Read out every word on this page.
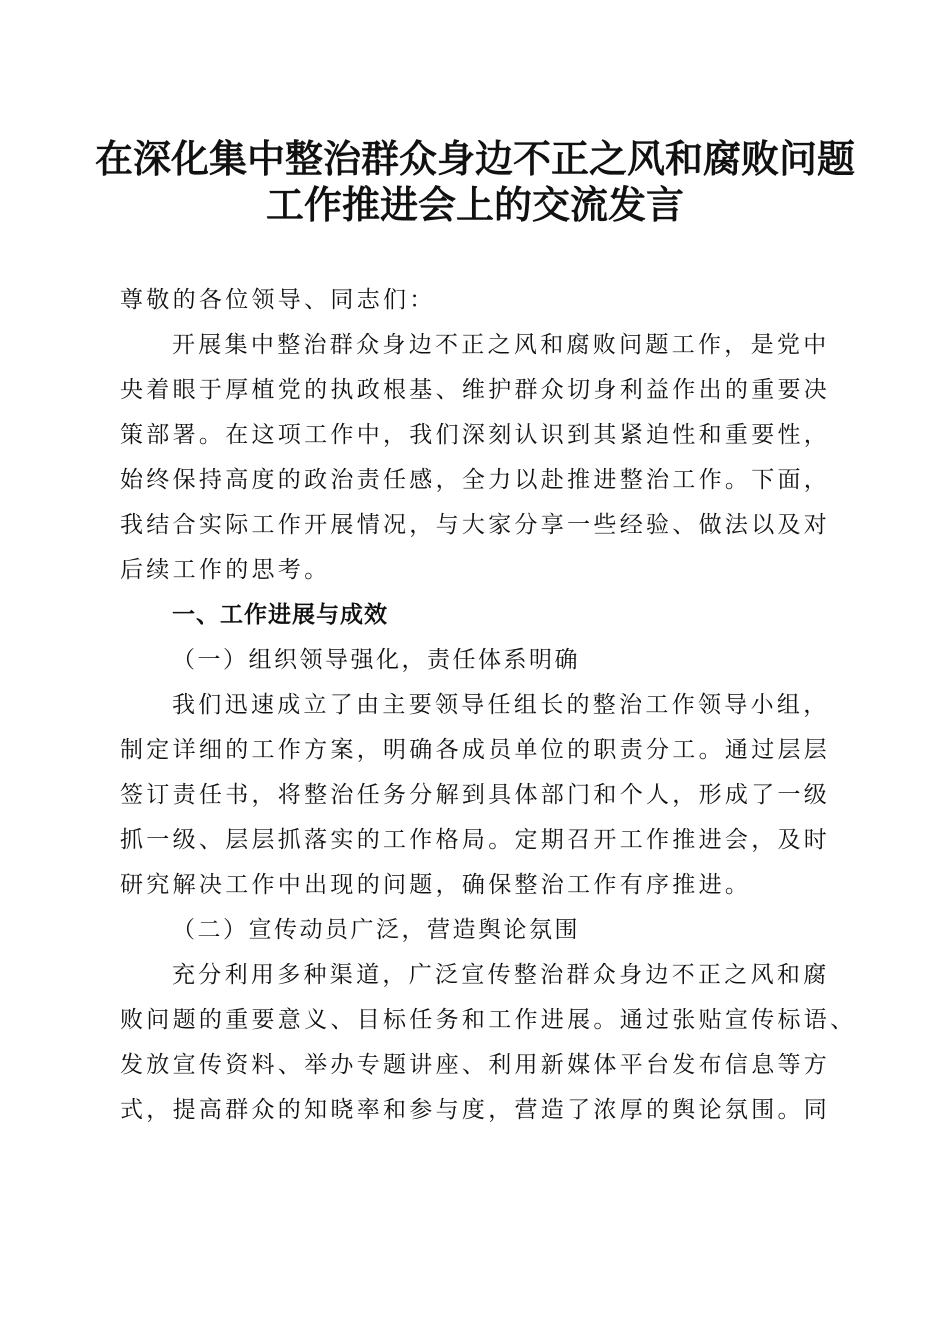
在深化集中整治群众身边不正之风和腐败问题
工作推进会上的交流发言
尊敬的各位领导、同志们：
开展集中整治群众身边不正之风和腐败问题工作，是党中
央着眼于厚植党的执政根基、维护群众切身利益作出的重要决
策部署。在这项工作中，我们深刻认识到其紧迫性和重要性，
始终保持高度的政治责任感，全力以赴推进整治工作。下面，
我结合实际工作开展情况，与大家分享一些经验、做法以及对
后续工作的思考。
一、工作进展与成效
（一）组织领导强化，责任体系明确
我们迅速成立了由主要领导任组长的整治工作领导小组，
制定详细的工作方案，明确各成员单位的职责分工。通过层层
签订责任书，将整治任务分解到具体部门和个人，形成了一级
抓一级、层层抓落实的工作格局。定期召开工作推进会，及时
研究解决工作中出现的问题，确保整治工作有序推进。
（二）宣传动员广泛，营造舆论氛围
充分利用多种渠道，广泛宣传整治群众身边不正之风和腐
败问题的重要意义、目标任务和工作进展。通过张贴宣传标语、
发放宣传资料、举办专题讲座、利用新媒体平台发布信息等方
式，提高群众的知晓率和参与度，营造了浓厚的舆论氛围。同
